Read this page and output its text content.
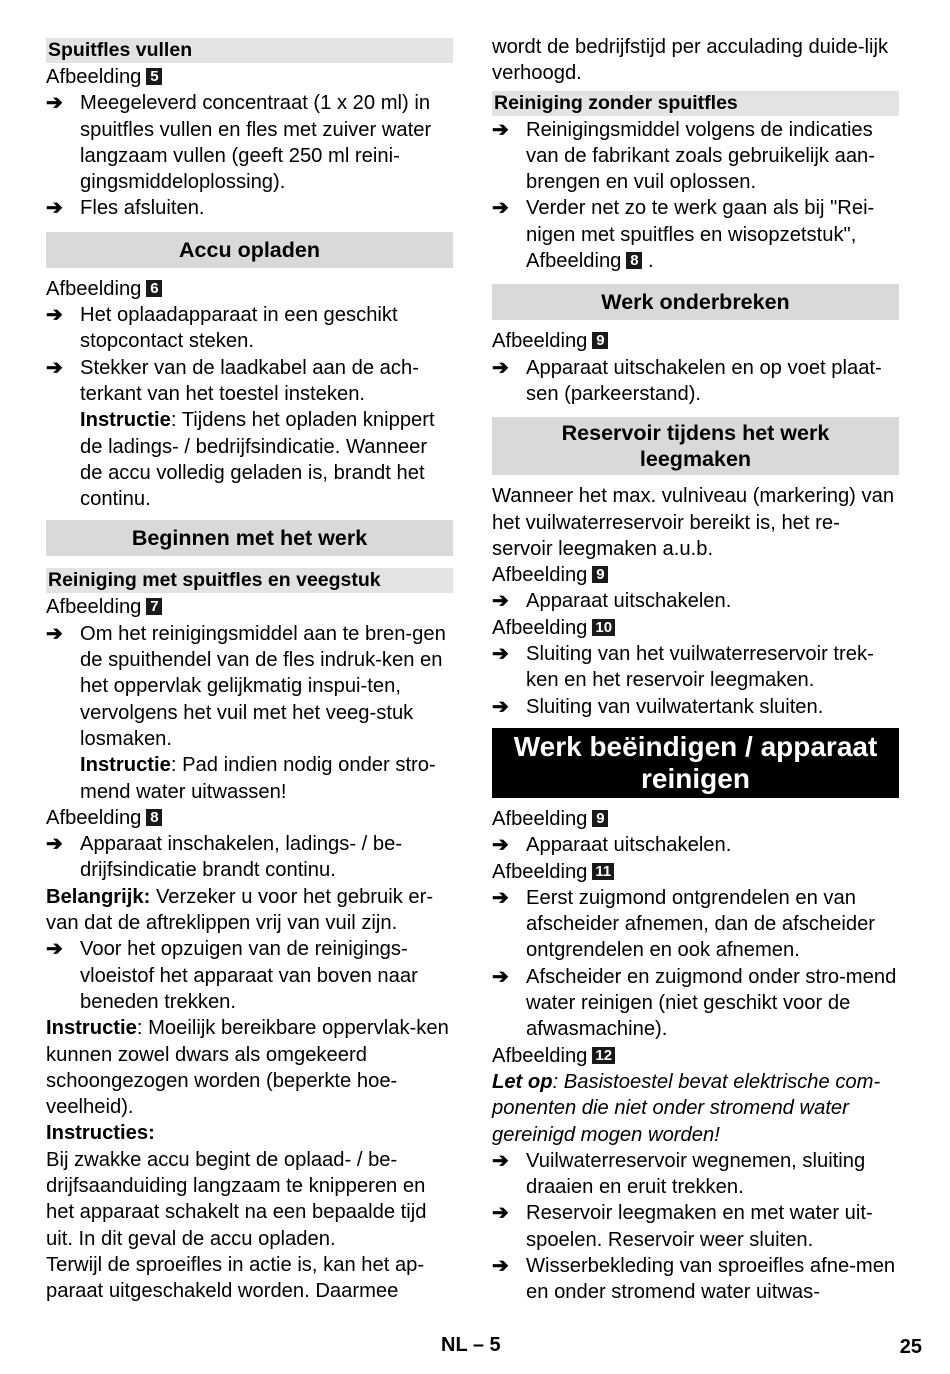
Spuitfles vullen

Afbeelding 5

➔ Meegeleverd concentraat (1 x 20 ml) in spuitfles vullen en fles met zuiver water langzaam vullen (geeft 250 ml reini-gingsmiddeloplossing).
➔ Fles afsluiten.
Accu opladen

Afbeelding 6

➔ Het oplaadapparaat in een geschikt stopcontact steken.
➔ Stekker van de laadkabel aan de ach-terkant van het toestel insteken.

Instructie: Tijdens het opladen knippert de ladings- / bedrijfsindicatie. Wanneer de accu volledig geladen is, brandt het continu.

Beginnen met het werk
Reiniging met spuitfles en veegstuk

Afbeelding 7

➔ Om het reinigingsmiddel aan te bren-gen de spuithendel van de fles indruk-ken en het oppervlak gelijkmatig inspui-ten, vervolgens het vuil met het veeg-stuk losmaken.

Instructie: Pad indien nodig onder stro-mend water uitwassen!

Afbeelding 8

➔ Apparaat inschakelen, ladings- / be-drijfsindicatie brandt continu.

Belangrijk: Verzeker u voor het gebruik er-van dat de aftreklippen vrij van vuil zijn.

➔ Voor het opzuigen van de reinigings-vloeistof het apparaat van boven naar beneden trekken.

Instructie: Moeilijk bereikbare oppervlak-ken kunnen zowel dwars als omgekeerd schoongezogen worden (beperkte hoe-veelheid).

Instructies:

Bij zwakke accu begint de oplaad- / be-drijfsaanduiding langzaam te knipperen en het apparaat schakelt na een bepaalde tijd uit. In dit geval de accu opladen.

Terwijl de sproeifles in actie is, kan het ap-paraat uitgeschakeld worden. Daarmee

wordt de bedrijfstijd per acculading duide-lijk verhoogd.

Reiniging zonder spuitfles
➔ Reinigingsmiddel volgens de indicaties van de fabrikant zoals gebruikelijk aan-brengen en vuil oplossen.
➔ Verder net zo te werk gaan als bij "Rei-nigen met spuitfles en wisopzetstuk", Afbeelding 8 .
Werk onderbreken

Afbeelding 9

➔ Apparaat uitschakelen en op voet plaat-sen (parkeerstand).
Reservoir tijdens het werk leegmaken

Wanneer het max. vulniveau (markering) van het vuilwaterreservoir bereikt is, het re-servoir leegmaken a.u.b.

Afbeelding 9

➔ Apparaat uitschakelen.

Afbeelding 10

➔ Sluiting van het vuilwaterreservoir trek-ken en het reservoir leegmaken.
➔ Sluiting van vuilwatertank sluiten.
Werk beëindigen / apparaat reinigen

Afbeelding 9

➔ Apparaat uitschakelen.

Afbeelding 11

➔ Eerst zuigmond ontgrendelen en van afscheider afnemen, dan de afscheider ontgrendelen en ook afnemen.
➔ Afscheider en zuigmond onder stro-mend water reinigen (niet geschikt voor de afwasmachine).

Afbeelding 12

Let op: Basistoestel bevat elektrische com-ponenten die niet onder stromend water gereinigd mogen worden!

➔ Vuilwaterreservoir wegnemen, sluiting draaien en eruit trekken.
➔ Reservoir leegmaken en met water uit-spoelen. Reservoir weer sluiten.
➔ Wisserbekleding van sproeifles afne-men en onder stromend water uitwas-
NL – 5	25
